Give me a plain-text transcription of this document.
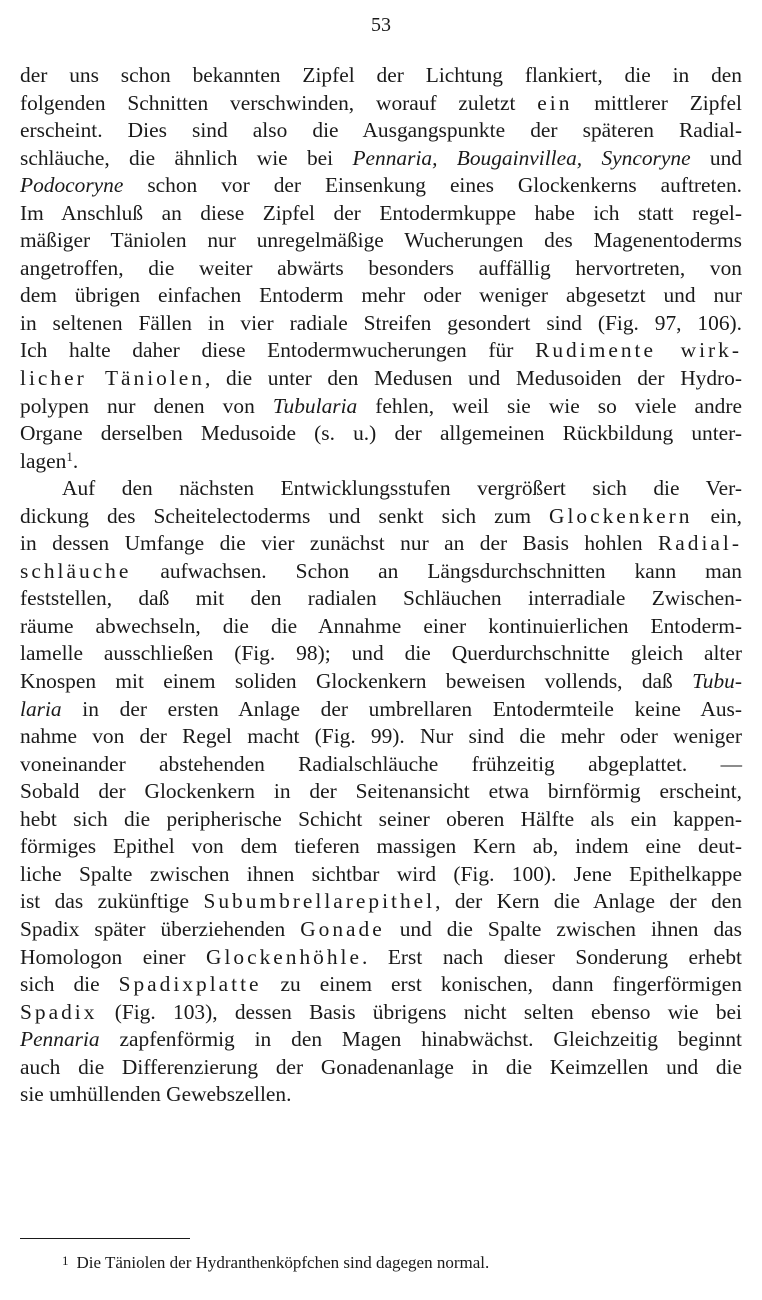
53
der uns schon bekannten Zipfel der Lichtung flankiert, die in den
folgenden Schnitten verschwinden, worauf zuletzt ein mittlerer Zipfel
erscheint. Dies sind also die Ausgangspunkte der späteren Radial-
schläuche, die ähnlich wie bei Pennaria, Bougainvillea, Syncoryne und
Podocoryne schon vor der Einsenkung eines Glockenkerns auftreten.
Im Anschluß an diese Zipfel der Entodermkuppe habe ich statt regel-
mäßiger Täniolen nur unregelmäßige Wucherungen des Magenentoderms
angetroffen, die weiter abwärts besonders auffällig hervortreten, von
dem übrigen einfachen Entoderm mehr oder weniger abgesetzt und nur
in seltenen Fällen in vier radiale Streifen gesondert sind (Fig. 97, 106).
Ich halte daher diese Entodermwucherungen für Rudimente wirk-
licher Täniolen, die unter den Medusen und Medusoiden der Hydro-
polypen nur denen von Tubularia fehlen, weil sie wie so viele andre
Organe derselben Medusoide (s. u.) der allgemeinen Rückbildung unter-
lagen$^1$.
Auf den nächsten Entwicklungsstufen vergrößert sich die Ver-
dickung des Scheitelectoderms und senkt sich zum Glockenkern ein,
in dessen Umfange die vier zunächst nur an der Basis hohlen Radial-
schläuche aufwachsen. Schon an Längsdurchschnitten kann man
feststellen, daß mit den radialen Schläuchen interradiale Zwischen-
räume abwechseln, die die Annahme einer kontinuierlichen Entoderm-
lamelle ausschließen (Fig. 98); und die Querdurchschnitte gleich alter
Knospen mit einem soliden Glockenkern beweisen vollends, daß Tubu-
laria in der ersten Anlage der umbrellaren Entodermteile keine Aus-
nahme von der Regel macht (Fig. 99). Nur sind die mehr oder weniger
voneinander abstehenden Radialschläuche frühzeitig abgeplattet. —
Sobald der Glockenkern in der Seitenansicht etwa birnförmig erscheint,
hebt sich die peripherische Schicht seiner oberen Hälfte als ein kappen-
förmiges Epithel von dem tieferen massigen Kern ab, indem eine deut-
liche Spalte zwischen ihnen sichtbar wird (Fig. 100). Jene Epithelkappe
ist das zukünftige Subumbrellarepithel, der Kern die Anlage der den
Spadix später überziehenden Gonade und die Spalte zwischen ihnen das
Homologon einer Glockenhöhle. Erst nach dieser Sonderung erhebt
sich die Spadixplatte zu einem erst konischen, dann fingerförmigen
Spadix (Fig. 103), dessen Basis übrigens nicht selten ebenso wie bei
Pennaria zapfenförmig in den Magen hinabwächst. Gleichzeitig beginnt
auch die Differenzierung der Gonadenanlage in die Keimzellen und die
sie umhüllenden Gewebszellen.
1 Die Täniolen der Hydranthenköpfchen sind dagegen normal.
